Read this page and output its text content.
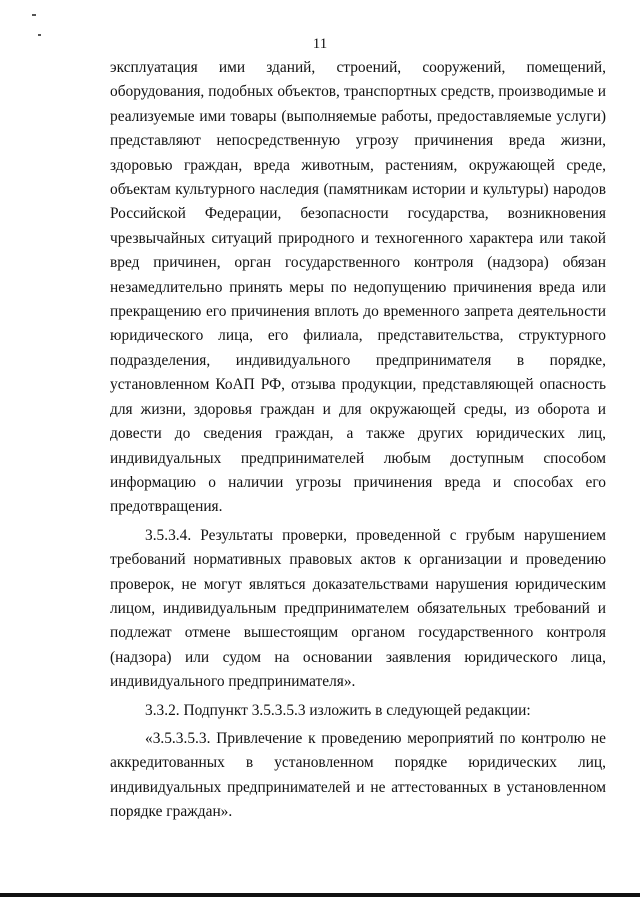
11

эксплуатация ими зданий, строений, сооружений, помещений, оборудования, подобных объектов, транспортных средств, производимые и реализуемые ими товары (выполняемые работы, предоставляемые услуги) представляют непосредственную угрозу причинения вреда жизни, здоровью граждан, вреда животным, растениям, окружающей среде, объектам культурного наследия (памятникам истории и культуры) народов Российской Федерации, безопасности государства, возникновения чрезвычайных ситуаций природного и техногенного характера или такой вред причинен, орган государственного контроля (надзора) обязан незамедлительно принять меры по недопущению причинения вреда или прекращению его причинения вплоть до временного запрета деятельности юридического лица, его филиала, представительства, структурного подразделения, индивидуального предпринимателя в порядке, установленном КоАП РФ, отзыва продукции, представляющей опасность для жизни, здоровья граждан и для окружающей среды, из оборота и довести до сведения граждан, а также других юридических лиц, индивидуальных предпринимателей любым доступным способом информацию о наличии угрозы причинения вреда и способах его предотвращения.

3.5.3.4. Результаты проверки, проведенной с грубым нарушением требований нормативных правовых актов к организации и проведению проверок, не могут являться доказательствами нарушения юридическим лицом, индивидуальным предпринимателем обязательных требований и подлежат отмене вышестоящим органом государственного контроля (надзора) или судом на основании заявления юридического лица, индивидуального предпринимателя».

3.3.2. Подпункт 3.5.3.5.3 изложить в следующей редакции:

«3.5.3.5.3. Привлечение к проведению мероприятий по контролю не аккредитованных в установленном порядке юридических лиц, индивидуальных предпринимателей и не аттестованных в установленном порядке граждан».
